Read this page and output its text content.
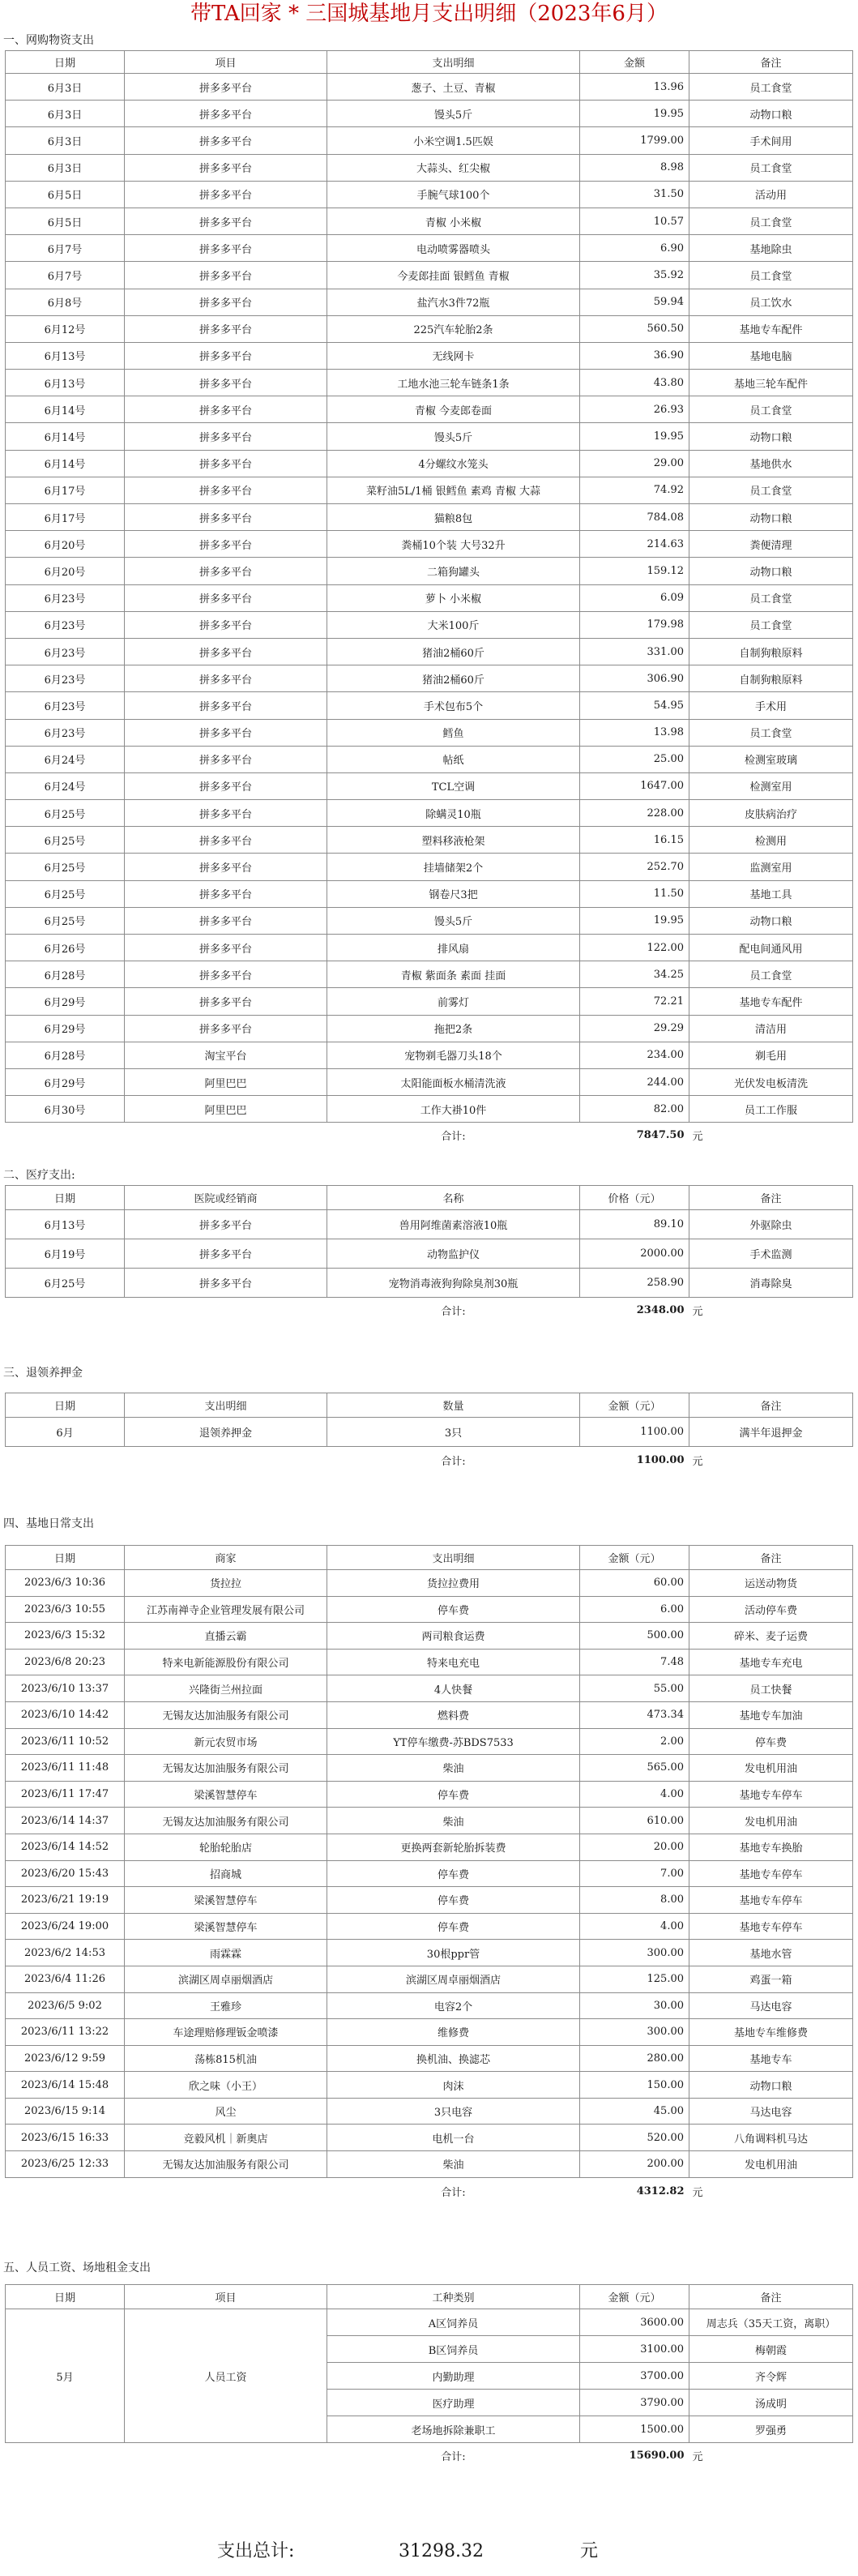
带TA回家 * 三国城基地月支出明细（2023年6月）
一、网购物资支出
日期	项目	支出明细	金额	备注
6月3日	拼多多平台	葱子、土豆、青椒	13.96	员工食堂
6月3日	拼多多平台	馒头5斤	19.95	动物口粮
6月3日	拼多多平台	小米空调1.5匹娱	1799.00	手术间用
6月3日	拼多多平台	大蒜头、红尖椒	8.98	员工食堂
6月5日	拼多多平台	手腕气球100个	31.50	活动用
6月5日	拼多多平台	青椒 小米椒	10.57	员工食堂
6月7号	拼多多平台	电动喷雾器喷头	6.90	基地除虫
6月7号	拼多多平台	今麦郎挂面 银鳕鱼 青椒	35.92	员工食堂
6月8号	拼多多平台	盐汽水3件72瓶	59.94	员工饮水
6月12号	拼多多平台	225汽车轮胎2条	560.50	基地专车配件
6月13号	拼多多平台	无线网卡	36.90	基地电脑
6月13号	拼多多平台	工地水池三轮车链条1条	43.80	基地三轮车配件
6月14号	拼多多平台	青椒 今麦郎卷面	26.93	员工食堂
6月14号	拼多多平台	馒头5斤	19.95	动物口粮
6月14号	拼多多平台	4分螺纹水笼头	29.00	基地供水
6月17号	拼多多平台	菜籽油5L/1桶 银鳕鱼 素鸡 青椒 大蒜	74.92	员工食堂
6月17号	拼多多平台	猫粮8包	784.08	动物口粮
6月20号	拼多多平台	粪桶10个装 大号32升	214.63	粪便清理
6月20号	拼多多平台	二箱狗罐头	159.12	动物口粮
6月23号	拼多多平台	萝卜 小米椒	6.09	员工食堂
6月23号	拼多多平台	大米100斤	179.98	员工食堂
6月23号	拼多多平台	猪油2桶60斤	331.00	自制狗粮原料
6月23号	拼多多平台	猪油2桶60斤	306.90	自制狗粮原料
6月23号	拼多多平台	手术包布5个	54.95	手术用
6月23号	拼多多平台	鳕鱼	13.98	员工食堂
6月24号	拼多多平台	帖纸	25.00	检测室玻璃
6月24号	拼多多平台	TCL空调	1647.00	检测室用
6月25号	拼多多平台	除螨灵10瓶	228.00	皮肤病治疗
6月25号	拼多多平台	塑料移液枪架	16.15	检测用
6月25号	拼多多平台	挂墙储架2个	252.70	监测室用
6月25号	拼多多平台	钢卷尺3把	11.50	基地工具
6月25号	拼多多平台	馒头5斤	19.95	动物口粮
6月26号	拼多多平台	排风扇	122.00	配电间通风用
6月28号	拼多多平台	青椒 紫面条 素面 挂面	34.25	员工食堂
6月29号	拼多多平台	前雾灯	72.21	基地专车配件
6月29号	拼多多平台	拖把2条	29.29	清洁用
6月28号	淘宝平台	宠物剃毛器刀头18个	234.00	剃毛用
6月29号	阿里巴巴	太阳能面板水桶清洗液	244.00	光伏发电板清洗
6月30号	阿里巴巴	工作大褂10件	82.00	员工工作服
		合计:	7847.50	元
二、医疗支出:
日期	医院或经销商	名称	价格（元）	备注
6月13号	拼多多平台	兽用阿维菌素溶液10瓶	89.10	外驱除虫
6月19号	拼多多平台	动物监护仪	2000.00	手术监测
6月25号	拼多多平台	宠物消毒液狗狗除臭剂30瓶	258.90	消毒除臭
		合计:	2348.00	元
三、退领养押金
日期	支出明细	数量	金额（元）	备注
6月	退领养押金	3只	1100.00	满半年退押金
		合计:	1100.00	元
四、基地日常支出
日期	商家	支出明细	金额（元）	备注
2023/6/3 10:36	货拉拉	货拉拉费用	60.00	运送动物货
2023/6/3 10:55	江苏南禅寺企业管理发展有限公司	停车费	6.00	活动停车费
2023/6/3 15:32	直播云霸	两司粮食运费	500.00	碎米、麦子运费
2023/6/8 20:23	特来电新能源股份有限公司	特来电充电	7.48	基地专车充电
2023/6/10 13:37	兴隆街兰州拉面	4人快餐	55.00	员工快餐
2023/6/10 14:42	无锡友达加油服务有限公司	燃料费	473.34	基地专车加油
2023/6/11 10:52	新元农贸市场	YT停车缴费-苏BDS7533	2.00	停车费
2023/6/11 11:48	无锡友达加油服务有限公司	柴油	565.00	发电机用油
2023/6/11 17:47	梁溪智慧停车	停车费	4.00	基地专车停车
2023/6/14 14:37	无锡友达加油服务有限公司	柴油	610.00	发电机用油
2023/6/14 14:52	轮胎轮胎店	更换两套新轮胎拆装费	20.00	基地专车换胎
2023/6/20 15:43	招商城	停车费	7.00	基地专车停车
2023/6/21 19:19	梁溪智慧停车	停车费	8.00	基地专车停车
2023/6/24 19:00	梁溪智慧停车	停车费	4.00	基地专车停车
2023/6/2 14:53	雨霖霖	30根ppr管	300.00	基地水管
2023/6/4 11:26	滨湖区周卓丽烟酒店	滨湖区周卓丽烟酒店	125.00	鸡蛋一箱
2023/6/5 9:02	王雅珍	电容2个	30.00	马达电容
2023/6/11 13:22	车途理赔修理钣金喷漆	维修费	300.00	基地专车维修费
2023/6/12 9:59	荡栋815机油	换机油、换滤芯	280.00	基地专车
2023/6/14 15:48	欣之味（小王）	肉沫	150.00	动物口粮
2023/6/15 9:14	风尘	3只电容	45.00	马达电容
2023/6/15 16:33	竞毅风机｜新奥店	电机一台	520.00	八角调料机马达
2023/6/25 12:33	无锡友达加油服务有限公司	柴油	200.00	发电机用油
		合计:	4312.82	元
五、人员工资、场地租金支出
日期	项目	工种类别	金额（元）	备注
5月	人员工资	A区饲养员	3600.00	周志兵（35天工资，离职）
		B区饲养员	3100.00	梅朝霞
		内勤助理	3700.00	齐令辉
		医疗助理	3790.00	汤成明
		老场地拆除兼职工	1500.00	罗强勇
		合计:	15690.00	元
支出总计:	31298.32	元
